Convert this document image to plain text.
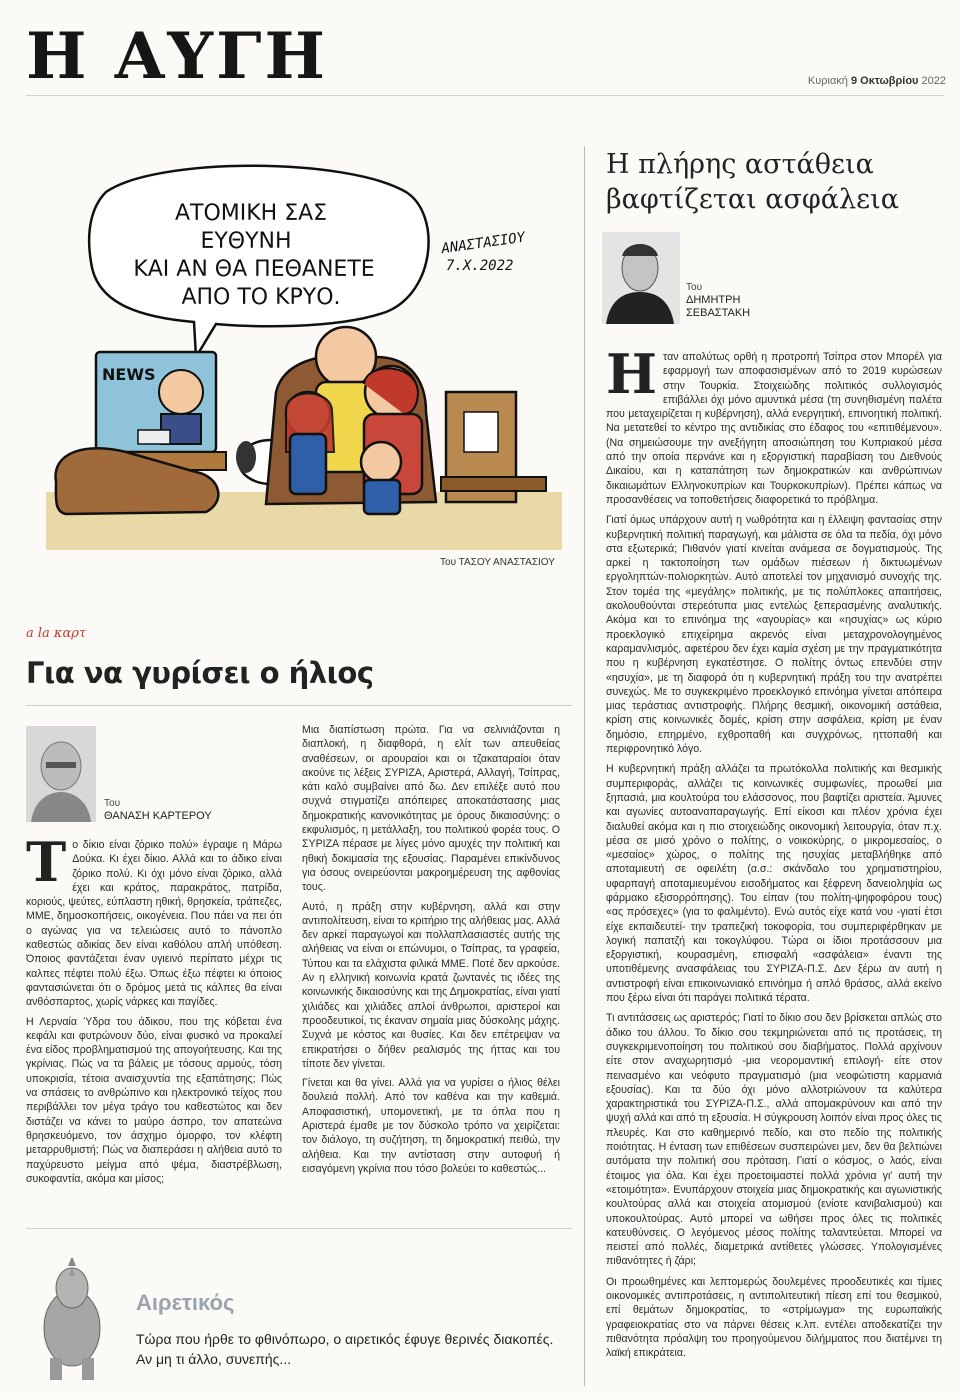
Η ΑΥΓΗ	Κυριακή 9 Οκτωβρίου 2022
ΑΤΟΜΙΚΗ ΣΑΣ
ΕΥΘΥΝΗ
ΚΑΙ ΑΝ ΘΑ ΠΕΘΑΝΕΤΕ
ΑΠΟ ΤΟ ΚΡΥΟ.
ΑΝΑΣΤΑΣΙΟΥ
7.X.2022
NEWS
Του ΤΑΣΟΥ ΑΝΑΣΤΑΣΙΟΥ
a la καρτ
Για να γυρίσει ο ήλιος
Του
ΘΑΝΑΣΗ ΚΑΡΤΕΡΟΥ

Το δίκιο είναι ζόρικο πολύ» έγραψε η Μάρω Δούκα. Κι έχει δίκιο. Αλλά και το άδικο είναι ζόρικο πολύ. Κι όχι μόνο είναι ζόρικο, αλλά έχει και κράτος, παρακράτος, πατρίδα, κοριούς, ψεύτες, εύπλαστη ηθική, θρησκεία, τράπεζες, ΜΜΕ, δημοσκοπήσεις, οικογένεια. Που πάει να πει ότι ο αγώνας για να τελειώσεις αυτό το πάνοπλο καθεστώς αδικίας δεν είναι καθόλου απλή υπόθεση. Όποιος φαντάζεται έναν υγιεινό περίπατο μέχρι τις καλπες πέφτει πολύ έξω. Όπως έξω πέφτει κι όποιος φαντασιώνεται ότι ο δρόμος μετά τις κάλπες θα είναι ανθόσπαρτος, χωρίς νάρκες και παγίδες.

Η Λερναία Ύδρα του άδικου, που της κόβεται ένα κεφάλι και φυτρώνουν δύο, είναι φυσικό να προκαλεί ένα είδος προβληματισμού της απογοήτευσης. Και της γκρίνιας. Πώς να τα βάλεις με τόσους αρμούς, τόση υποκρισία, τέτοια αναισχυντία της εξαπάτησης; Πώς να σπάσεις το ανθρώπινο και ηλεκτρονικό τείχος που περιβάλλει τον μέγα τράγο του καθεστώτος και δεν διστάζει να κάνει το μαύρο άσπρο, τον απατεώνα θρησκευόμενο, τον άσχημο όμορφο, τον κλέφτη μεταρρυθμιστή; Πώς να διαπεράσει η αλήθεια αυτό το παχύρευστο μείγμα από ψέμα, διαστρέβλωση, συκοφαντία, ακόμα και μίσος;

Μια διαπίστωση πρώτα. Για να σελινιάζονται η διαπλοκή, η διαφθορά, η ελίτ των απευθείας αναθέσεων, οι αρουραίοι και οι τζακαταραίοι όταν ακούνε τις λέξεις ΣΥΡΙΖΑ, Αριστερά, Αλλαγή, Τσίπρας, κάτι καλό συμβαίνει από δω. Δεν επιλέξε αυτό που συχνά στιγματίζει απόπειρες αποκατάστασης μιας δημοκρατικής κανονικότητας με όρους δικαιοσύνης: ο εκφυλισμός, η μετάλλαξη, του πολιτικού φορέα τους. Ο ΣΥΡΙΖΑ πέρασε με λίγες μόνο αμυχές την πολιτική και ηθική δοκιμασία της εξουσίας. Παραμένει επικίνδυνος για όσους ονειρεύονται μακροημέρευση της αφθονίας τους.

Αυτό, η πράξη στην κυβέρνηση, αλλά και στην αντιπολίτευση, είναι το κριτήριο της αλήθειας μας. Αλλά δεν αρκεί παραγωγοί και πολλαπλασιαστές αυτής της αλήθειας να είναι οι επώνυμοι, ο Τσίπρας, τα γραφεία, Τύπου και τα ελάχιστα φιλικά ΜΜΕ. Ποτέ δεν αρκούσε. Αν η ελληνική κοινωνία κρατά ζωντανές τις ιδέες της κοινωνικής δικαιοσύνης και της Δημοκρατίας, είναι γιατί χιλιάδες και χιλιάδες απλοί άνθρωποι, αριστεροί και προοδευτικοί, τις έκαναν σημαία μιας δύσκολης μάχης. Συχνά με κόστος και θυσίες. Και δεν επέτρεψαν να επικρατήσει ο δήθεν ρεαλισμός της ήττας και του τίποτε δεν γίνεται.

Γίνεται και θα γίνει. Αλλά για να γυρίσει ο ήλιος θέλει δουλειά πολλή. Από τον καθένα και την καθεμιά. Αποφασιστική, υπομονετική, με τα όπλα που η Αριστερά έμαθε με τον δύσκολο τρόπο να χειρίζεται: τον διάλογο, τη συζήτηση, τη δημοκρατική πειθώ, την αλήθεια. Και την αντίσταση στην αυτοφυή ή εισαγόμενη γκρίνια που τόσο βολεύει το καθεστώς...

Αιρετικός
Τώρα που ήρθε το φθινόπωρο, ο αιρετικός έφυγε θερινές διακοπές. Αν μη τι άλλο, συνεπής...
Η πλήρης αστάθεια
βαφτίζεται ασφάλεια
Του
ΔΗΜΗΤΡΗ
ΣΕΒΑΣΤΑΚΗ

Ηταν απολύτως ορθή η προτροπή Τσίπρα στον Μπορέλ για εφαρμογή των αποφασισμένων από το 2019 κυρώσεων στην Τουρκία. Στοιχειώδης πολιτικός συλλογισμός επιβάλλει όχι μόνο αμυντικά μέσα (τη συνηθισμένη παλέτα που μεταχειρίζεται η κυβέρνηση), αλλά ενεργητική, επινοητική πολιτική. Να μετατεθεί το κέντρο της αντιδικίας στο έδαφος του «επιτιθέμενου». (Να σημειώσουμε την ανεξήγητη αποσιώπηση του Κυπριακού μέσα από την οποία περνάνε και η εξοργιστική παραβίαση του Διεθνούς Δικαίου, και η καταπάτηση των δημοκρατικών και ανθρώπινων δικαιωμάτων Ελληνοκυπρίων και Τουρκοκυπρίων). Πρέπει κάπως να προσανθέσεις να τοποθετήσεις διαφορετικά το πρόβλημα.

Γιατί όμως υπάρχουν αυτή η νωθρότητα και η έλλειψη φαντασίας στην κυβερνητική πολιτική παραγωγή, και μάλιστα σε όλα τα πεδία, όχι μόνο στα εξωτερικά; Πιθανόν γιατί κινείται ανάμεσα σε δογματισμούς. Της αρκεί η τακτοποίηση των ομάδων πιέσεων ή δικτυωμένων εργοληπτών-πολιορκητών. Αυτό αποτελεί τον μηχανισμό συνοχής της. Στον τομέα της «μεγάλης» πολιτικής, με τις πολύπλοκες απαιτήσεις, ακολουθούνται στερεότυπα μιας εντελώς ξεπερασμένης αναλυτικής. Ακόμα και το επινόημα της «αγουρίας» και «ησυχίας» ως κύριο προεκλογικό επιχείρημα ακρενός είναι μεταχρονολογημένος καραμανλισμός, αφετέρου δεν έχει καμία σχέση με την πραγματικότητα που η κυβέρνηση εγκατέστησε. Ο πολίτης όντως επενδύει στην «ησυχία», με τη διαφορά ότι η κυβερνητική πράξη του την ανατρέπει συνεχώς. Με το συγκεκριμένο προεκλογικό επινόημα γίνεται απόπειρα μιας τεράστιας αντιστροφής. Πλήρης θεσμική, οικονομική αστάθεια, κρίση στις κοινωνικές δομές, κρίση στην ασφάλεια, κρίση με έναν δημόσιο, επηρμένο, εχθροπαθή και συγχρόνως, ηττοπαθή και περιφρονητικό λόγο.

Η κυβερνητική πράξη αλλάζει τα πρωτόκολλα πολιτικής και θεσμικής συμπεριφοράς, αλλάζει τις κοινωνικές συμφωνίες, προωθεί μια ξηπασιά, μια κουλτούρα του ελάσσονος, που βαφτίζει αριστεία. Άμυνες και αγωνίες αυτοαναπαραγωγής. Επί είκοσι και πλέον χρόνια έχει διαλυθεί ακόμα και η πιο στοιχειώδης οικονομική λειτουργία, όταν π.χ. μέσα σε μισό χρόνο ο πολίτης, ο νοικοκύρης, ο μικρομεσαίος, ο «μεσαίος» χώρος, ο πολίτης της ησυχίας μεταβλήθηκε από αποταμιευτή σε οφειλέτη (α.σ.: σκάνδαλο του χρηματιστηρίου, υφαρπαγή αποταμιευμένου εισοδήματος και ξέφρενη δανειοληψία ως φάρμακο εξισορρόπησης). Του είπαν (του πολίτη-ψηφοφόρου τους) «ας πρόσεχες» (για το φαλιμέντο). Ενώ αυτός είχε κατά νου -γιατί έτσι είχε εκπαιδευτεί- την τραπεζική τοκοφορία, του συμπεριφέρθηκαν με λογική παπατζή και τοκογλύφου. Τώρα οι ίδιοι προτάσσουν μια εξοργιστική, κουρασμένη, επισφαλή «ασφάλεια» έναντι της υποτιθέμενης ανασφάλειας του ΣΥΡΙΖΑ-Π.Σ. Δεν ξέρω αν αυτή η αντιστροφή είναι επικοινωνιακό επινόημα ή απλό θράσος, αλλά εκείνο που ξέρω είναι ότι παράγει πολιτικά τέρατα.

Τι αντιτάσσεις ως αριστερός; Γιατί το δίκιο σου δεν βρίσκεται απλώς στο άδικο του άλλου. Το δίκιο σου τεκμηριώνεται από τις προτάσεις, τη συγκεκριμενοποίηση του πολιτικού σου διαβήματος. Πολλά αρχίνουν είτε στον αναχωρητισμό -μια νεορομαντική επιλογή- είτε στον πεινασμένο και νεόφυτο πραγματισμό (μια νεοφώτιστη καρμανιά εξουσίας). Και τα δύο όχι μόνο αλλοτριώνουν τα καλύτερα χαρακτηριστικά του ΣΥΡΙΖΑ-Π.Σ., αλλά απομακρύνουν και από την ψυχή αλλά και από τη εξουσία. Η σύγκρουση λοιπόν είναι προς όλες τις πλευρές. Και στο καθημερινό πεδίο, και στο πεδίο της πολιτικής ποιότητας. Η ένταση των επιθέσεων συσπειρώνει μεν, δεν θα βελτιώνει αυτόματα την πολιτική σου πρόταση. Γιατί ο κόσμος, ο λαός, είναι έτοιμος για όλα. Και έχει προετοιμαστεί πολλά χρόνια γι' αυτή την «ετοιμότητα». Ενυπάρχουν στοιχεία μιας δημοκρατικής και αγωνιστικής κουλτούρας αλλά και στοιχεία ατομισμού (ενίοτε κανιβαλισμού) και υποκουλτούρας. Αυτό μπορεί να ωθήσει προς όλες τις πολιτικές κατευθύνσεις. Ο λεγόμενος μέσος πολίτης ταλαντεύεται. Μπορεί να πειστεί από πολλές, διαμετρικά αντίθετες γλώσσες. Υπολογισμένες πιθανότητες ή ζάρι;

Οι προωθημένες και λεπτομερώς δουλεμένες προοδευτικές και τίμιες οικονομικές αντιπροτάσεις, η αντιπολιτευτική πίεση επί του θεσμικού, επί θεμάτων δημοκρατίας, το «στρίμωγμα» της ευρωπαϊκής γραφειοκρατίας στο να πάρνει θέσεις κ.λπ. εντέλει αποδεκατίζει την πιθανότητα πρόαλψη του προηγούμενου διλήμματος που διατέμνει τη λαϊκή επικράτεια.
